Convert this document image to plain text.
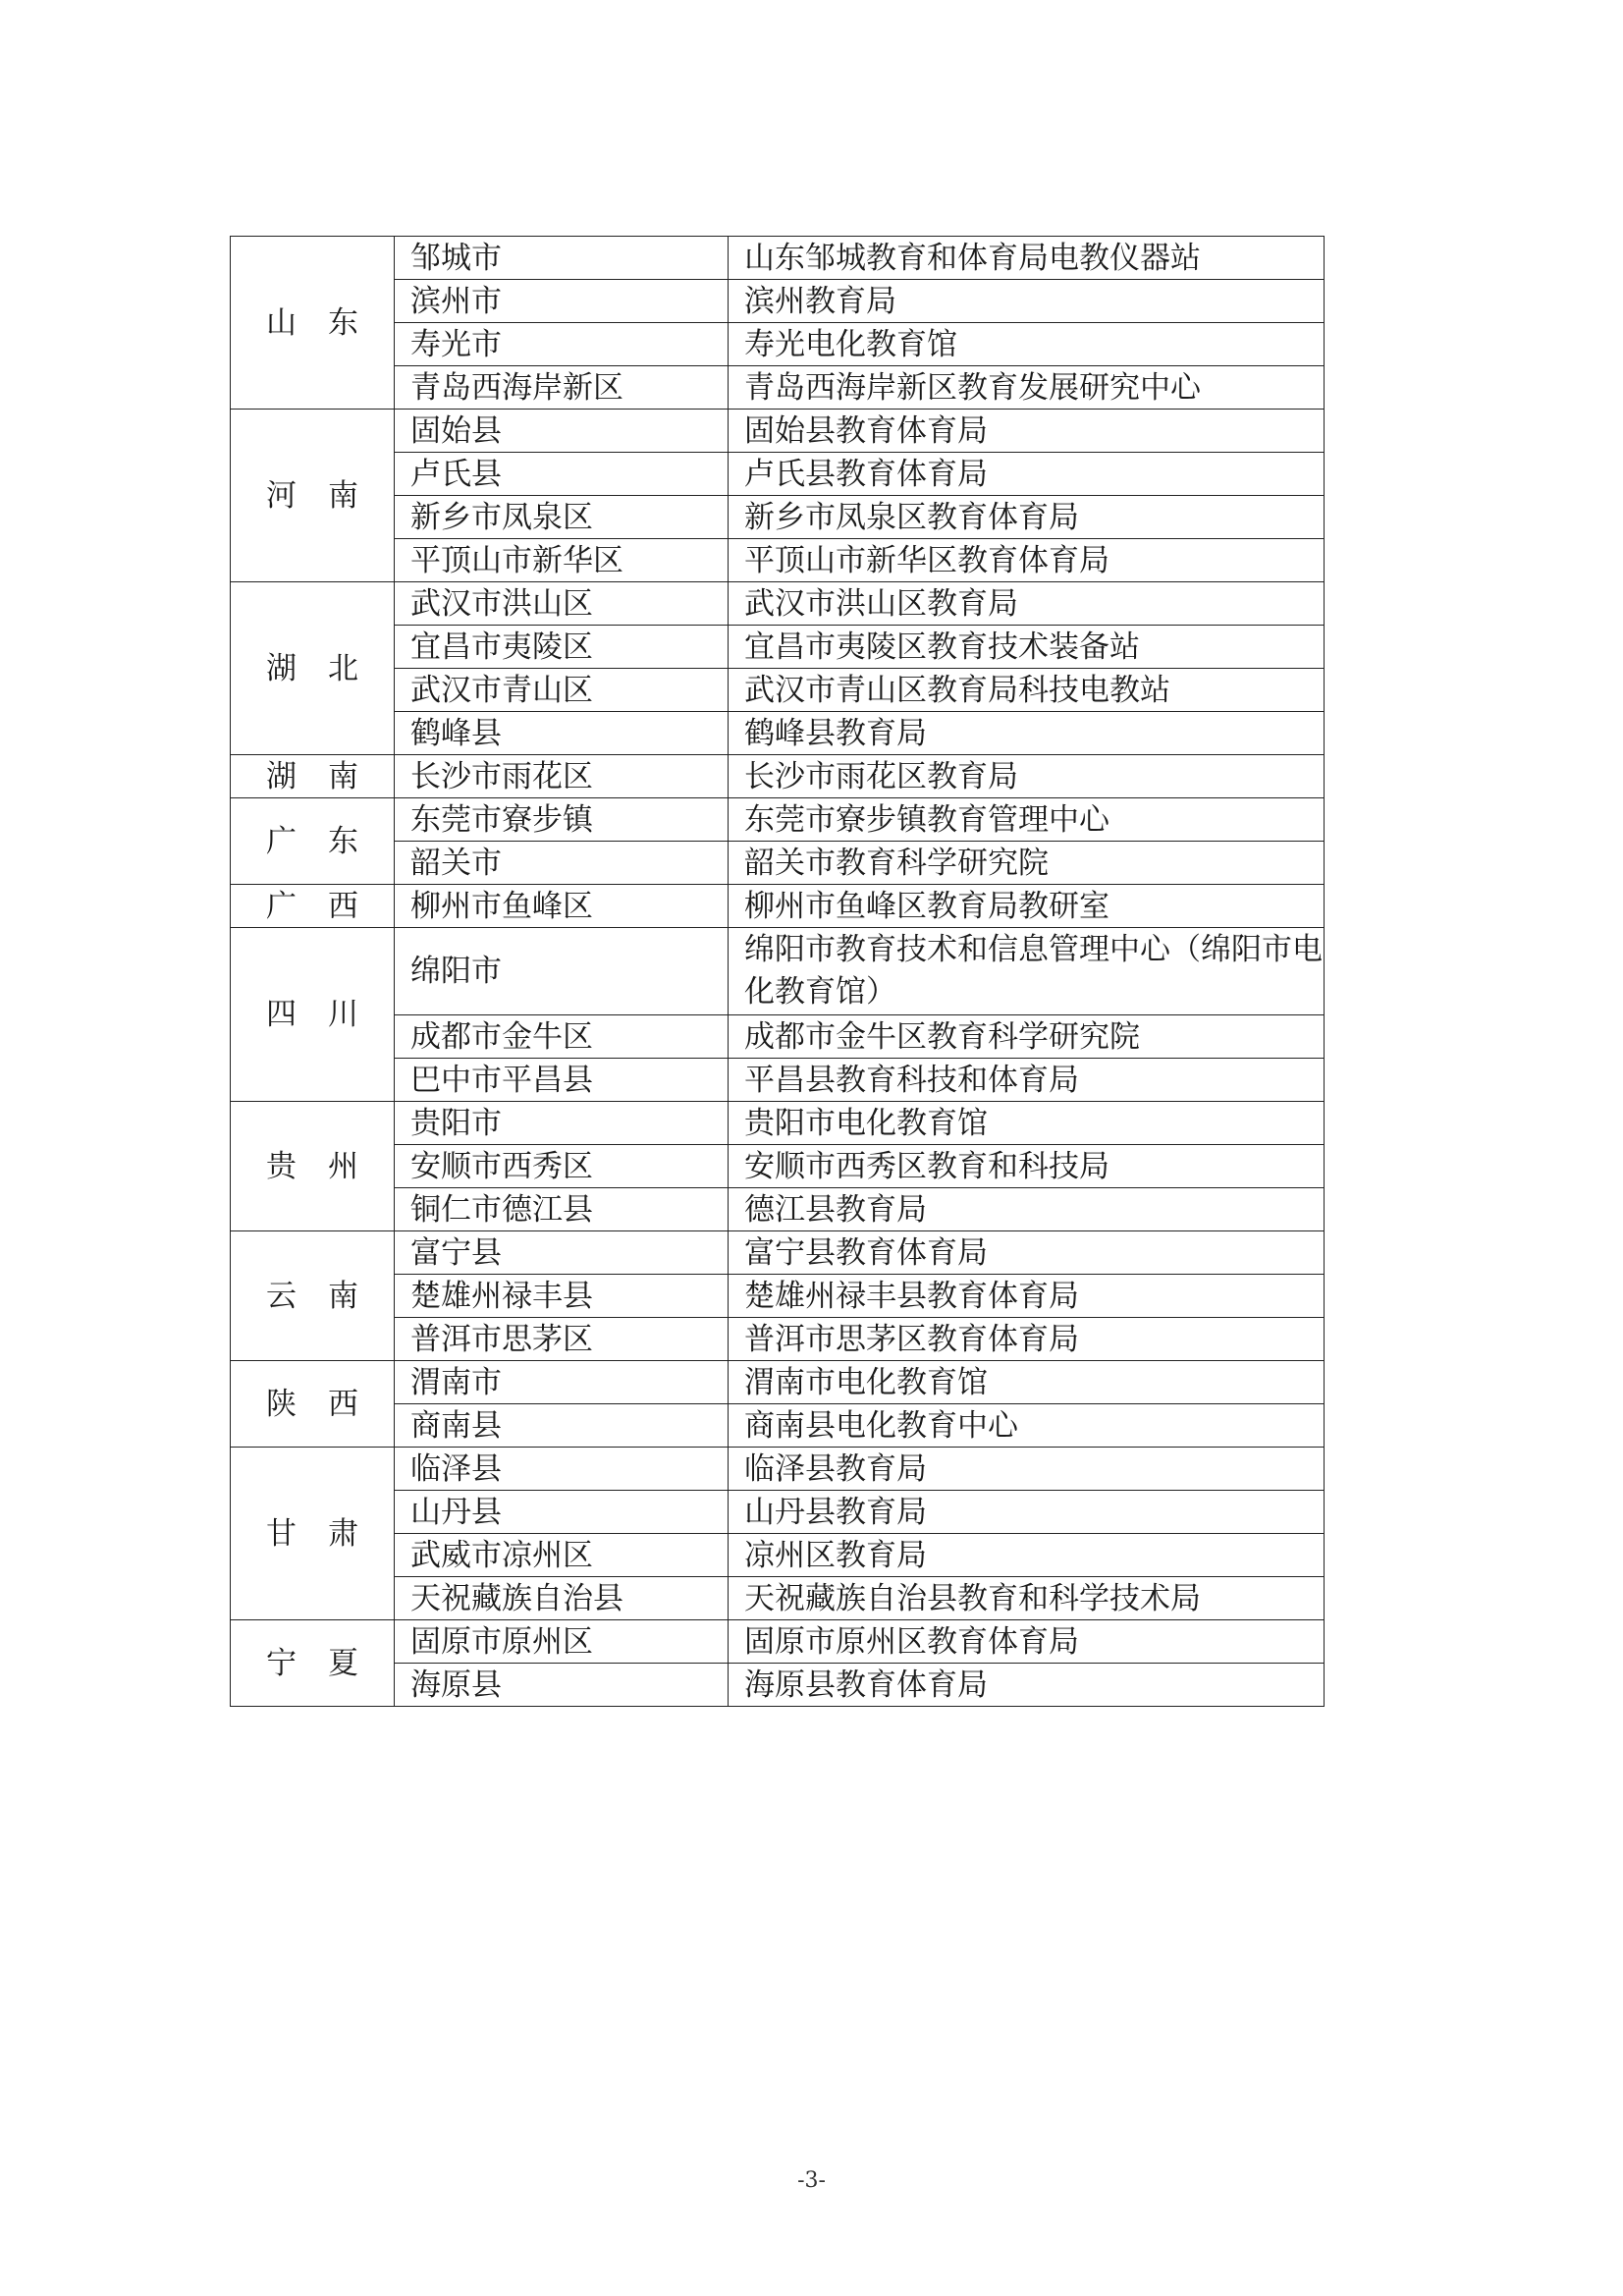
山东	邹城市	山东邹城教育和体育局电教仪器站
	滨州市	滨州教育局
	寿光市	寿光电化教育馆
	青岛西海岸新区	青岛西海岸新区教育发展研究中心
河南	固始县	固始县教育体育局
	卢氏县	卢氏县教育体育局
	新乡市凤泉区	新乡市凤泉区教育体育局
	平顶山市新华区	平顶山市新华区教育体育局
湖北	武汉市洪山区	武汉市洪山区教育局
	宜昌市夷陵区	宜昌市夷陵区教育技术装备站
	武汉市青山区	武汉市青山区教育局科技电教站
	鹤峰县	鹤峰县教育局
湖南	长沙市雨花区	长沙市雨花区教育局
广东	东莞市寮步镇	东莞市寮步镇教育管理中心
	韶关市	韶关市教育科学研究院
广西	柳州市鱼峰区	柳州市鱼峰区教育局教研室
四川	绵阳市	绵阳市教育技术和信息管理中心（绵阳市电化教育馆）
	成都市金牛区	成都市金牛区教育科学研究院
	巴中市平昌县	平昌县教育科技和体育局
贵州	贵阳市	贵阳市电化教育馆
	安顺市西秀区	安顺市西秀区教育和科技局
	铜仁市德江县	德江县教育局
云南	富宁县	富宁县教育体育局
	楚雄州禄丰县	楚雄州禄丰县教育体育局
	普洱市思茅区	普洱市思茅区教育体育局
陕西	渭南市	渭南市电化教育馆
	商南县	商南县电化教育中心
甘肃	临泽县	临泽县教育局
	山丹县	山丹县教育局
	武威市凉州区	凉州区教育局
	天祝藏族自治县	天祝藏族自治县教育和科学技术局
宁夏	固原市原州区	固原市原州区教育体育局
	海原县	海原县教育体育局
-3-
